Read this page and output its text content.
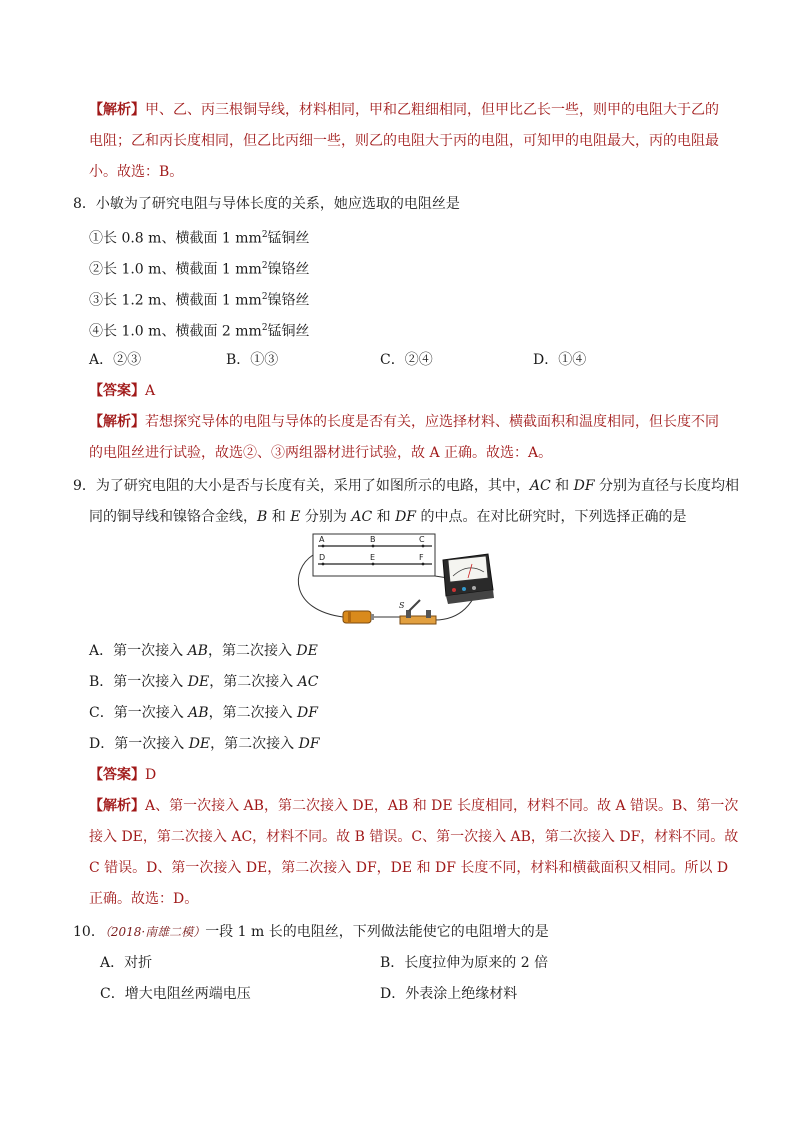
【解析】甲、乙、丙三根铜导线，材料相同，甲和乙粗细相同，但甲比乙长一些，则甲的电阻大于乙的
电阻；乙和丙长度相同，但乙比丙细一些，则乙的电阻大于丙的电阻，可知甲的电阻最大，丙的电阻最
小。故选：B。
8．小敏为了研究电阻与导体长度的关系，她应选取的电阻丝是
①长 0.8 m、横截面 1 $mm^2$锰铜丝
②长 1.0 m、横截面 1 $mm^2$镍铬丝
③长 1.2 m、横截面 1 $mm^2$镍铬丝
④长 1.0 m、横截面 2 $mm^2$锰铜丝
A．②③	B．①③	C．②④	D．①④
【答案】A
【解析】若想探究导体的电阻与导体的长度是否有关，应选择材料、横截面积和温度相同，但长度不同
的电阻丝进行试验，故选②、③两组器材进行试验，故 A 正确。故选：A。
9．为了研究电阻的大小是否与长度有关，采用了如图所示的电路，其中，AC 和 DF 分别为直径与长度均相
同的铜导线和镍铬合金线，B 和 E 分别为 AC 和 DF 的中点。在对比研究时，下列选择正确的是
A	B	C
D	E	F
S
A．第一次接入 AB，第二次接入 DE
B．第一次接入 DE，第二次接入 AC
C．第一次接入 AB，第二次接入 DF
D．第一次接入 DE，第二次接入 DF
【答案】D
【解析】A、第一次接入 AB，第二次接入 DE，AB 和 DE 长度相同，材料不同。故 A 错误。B、第一次
接入 DE，第二次接入 AC，材料不同。故 B 错误。C、第一次接入 AB，第二次接入 DF，材料不同。故
C 错误。D、第一次接入 DE，第二次接入 DF，DE 和 DF 长度不同，材料和横截面积又相同。所以 D
正确。故选：D。
10．（2018·南雄二模）一段 1 m 长的电阻丝，下列做法能使它的电阻增大的是
A．对折	B．长度拉伸为原来的 2 倍
C．增大电阻丝两端电压	D．外表涂上绝缘材料
